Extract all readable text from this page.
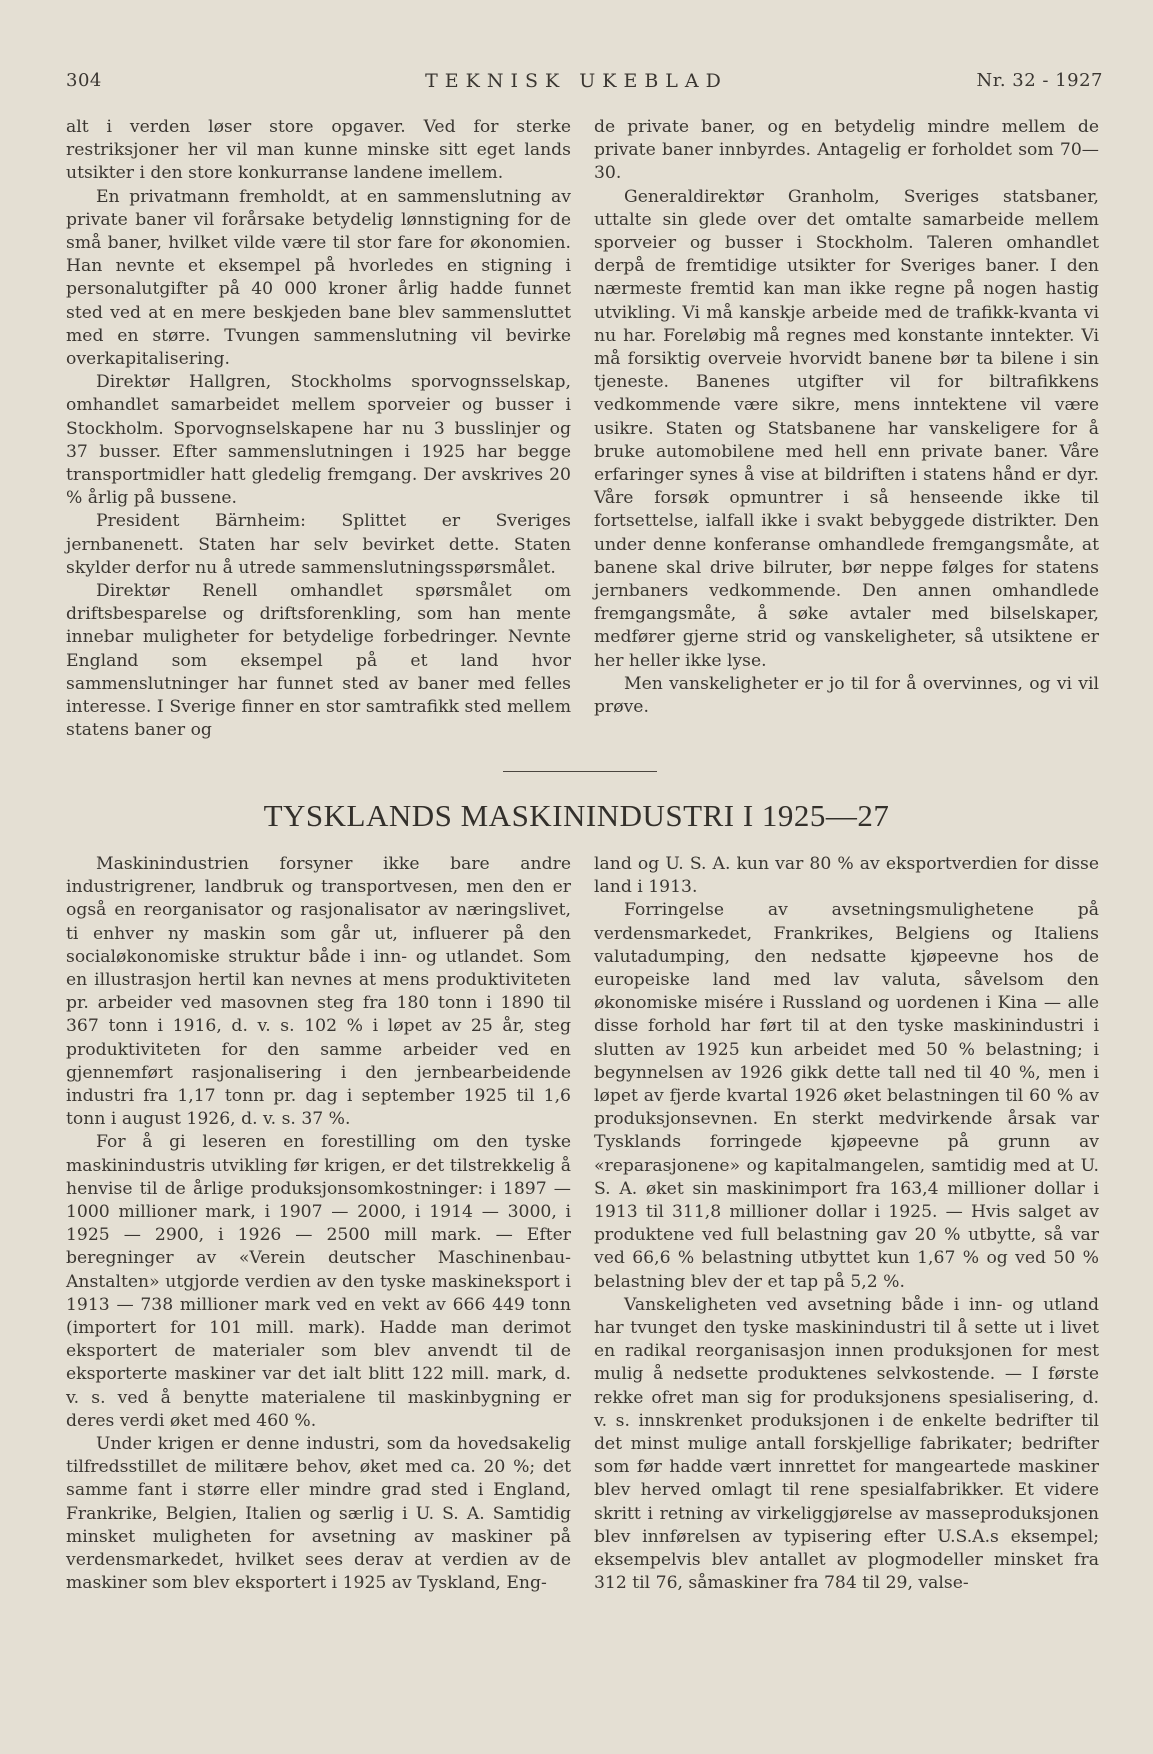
304	TEKNISK UKEBLAD	Nr. 32 - 1927

alt i verden løser store opgaver. Ved for sterke restriksjoner her vil man kunne minske sitt eget lands utsikter i den store konkurranse landene imellem.

En privatmann fremholdt, at en sammenslutning av private baner vil forårsake betydelig lønnstigning for de små baner, hvilket vilde være til stor fare for økonomien. Han nevnte et eksempel på hvorledes en stigning i personalutgifter på 40 000 kroner årlig hadde funnet sted ved at en mere beskjeden bane blev sammensluttet med en større. Tvungen sammenslutning vil bevirke overkapitalisering.

Direktør Hallgren, Stockholms sporvognsselskap, omhandlet samarbeidet mellem sporveier og busser i Stockholm. Sporvognselskapene har nu 3 busslinjer og 37 busser. Efter sammenslutningen i 1925 har begge transportmidler hatt gledelig fremgang. Der avskrives 20 % årlig på bussene.

President Bärnheim: Splittet er Sveriges jernbanenett. Staten har selv bevirket dette. Staten skylder derfor nu å utrede sammenslutningsspørsmålet.

Direktør Renell omhandlet spørsmålet om driftsbesparelse og driftsforenkling, som han mente innebar muligheter for betydelige forbedringer. Nevnte England som eksempel på et land hvor sammenslutninger har funnet sted av baner med felles interesse. I Sverige finner en stor samtrafikk sted mellem statens baner og

de private baner, og en betydelig mindre mellem de private baner innbyrdes. Antagelig er forholdet som 70—30.

Generaldirektør Granholm, Sveriges statsbaner, uttalte sin glede over det omtalte samarbeide mellem sporveier og busser i Stockholm. Taleren omhandlet derpå de fremtidige utsikter for Sveriges baner. I den nærmeste fremtid kan man ikke regne på nogen hastig utvikling. Vi må kanskje arbeide med de trafikk-kvanta vi nu har. Foreløbig må regnes med konstante inntekter. Vi må forsiktig overveie hvorvidt banene bør ta bilene i sin tjeneste. Banenes utgifter vil for biltrafikkens vedkommende være sikre, mens inntektene vil være usikre. Staten og Statsbanene har vanskeligere for å bruke automobilene med hell enn private baner. Våre erfaringer synes å vise at bildriften i statens hånd er dyr. Våre forsøk opmuntrer i så henseende ikke til fortsettelse, ialfall ikke i svakt bebyggede distrikter. Den under denne konferanse omhandlede fremgangsmåte, at banene skal drive bilruter, bør neppe følges for statens jernbaners vedkommende. Den annen omhandlede fremgangsmåte, å søke avtaler med bilselskaper, medfører gjerne strid og vanskeligheter, så utsiktene er her heller ikke lyse.

Men vanskeligheter er jo til for å overvinnes, og vi vil prøve.

TYSKLANDS MASKININDUSTRI I 1925—27

Maskinindustrien forsyner ikke bare andre industrigrener, landbruk og transportvesen, men den er også en reorganisator og rasjonalisator av næringslivet, ti enhver ny maskin som går ut, influerer på den socialøkonomiske struktur både i inn- og utlandet. Som en illustrasjon hertil kan nevnes at mens produktiviteten pr. arbeider ved masovnen steg fra 180 tonn i 1890 til 367 tonn i 1916, d. v. s. 102 % i løpet av 25 år, steg produktiviteten for den samme arbeider ved en gjennemført rasjonalisering i den jernbearbeidende industri fra 1,17 tonn pr. dag i september 1925 til 1,6 tonn i august 1926, d. v. s. 37 %.

For å gi leseren en forestilling om den tyske maskinindustris utvikling før krigen, er det tilstrekkelig å henvise til de årlige produksjonsomkostninger: i 1897 — 1000 millioner mark, i 1907 — 2000, i 1914 — 3000, i 1925 — 2900, i 1926 — 2500 mill mark. — Efter beregninger av «Verein deutscher Maschinenbau-Anstalten» utgjorde verdien av den tyske maskineksport i 1913 — 738 millioner mark ved en vekt av 666 449 tonn (importert for 101 mill. mark). Hadde man derimot eksportert de materialer som blev anvendt til de eksporterte maskiner var det ialt blitt 122 mill. mark, d. v. s. ved å benytte materialene til maskinbygning er deres verdi øket med 460 %.

Under krigen er denne industri, som da hovedsakelig tilfredsstillet de militære behov, øket med ca. 20 %; det samme fant i større eller mindre grad sted i England, Frankrike, Belgien, Italien og særlig i U. S. A. Samtidig minsket muligheten for avsetning av maskiner på verdensmarkedet, hvilket sees derav at verdien av de maskiner som blev eksportert i 1925 av Tyskland, Eng-

land og U. S. A. kun var 80 % av eksportverdien for disse land i 1913.

Forringelse av avsetningsmulighetene på verdensmarkedet, Frankrikes, Belgiens og Italiens valutadumping, den nedsatte kjøpeevne hos de europeiske land med lav valuta, såvelsom den økonomiske misére i Russland og uordenen i Kina — alle disse forhold har ført til at den tyske maskinindustri i slutten av 1925 kun arbeidet med 50 % belastning; i begynnelsen av 1926 gikk dette tall ned til 40 %, men i løpet av fjerde kvartal 1926 øket belastningen til 60 % av produksjonsevnen. En sterkt medvirkende årsak var Tysklands forringede kjøpeevne på grunn av «reparasjonene» og kapitalmangelen, samtidig med at U. S. A. øket sin maskinimport fra 163,4 millioner dollar i 1913 til 311,8 millioner dollar i 1925. — Hvis salget av produktene ved full belastning gav 20 % utbytte, så var ved 66,6 % belastning utbyttet kun 1,67 % og ved 50 % belastning blev der et tap på 5,2 %.

Vanskeligheten ved avsetning både i inn- og utland har tvunget den tyske maskinindustri til å sette ut i livet en radikal reorganisasjon innen produksjonen for mest mulig å nedsette produktenes selvkostende. — I første rekke ofret man sig for produksjonens spesialisering, d. v. s. innskrenket produksjonen i de enkelte bedrifter til det minst mulige antall forskjellige fabrikater; bedrifter som før hadde vært innrettet for mangeartede maskiner blev herved omlagt til rene spesialfabrikker. Et videre skritt i retning av virkeliggjørelse av masseproduksjonen blev innførelsen av typisering efter U.S.A.s eksempel; eksempelvis blev antallet av plogmodeller minsket fra 312 til 76, såmaskiner fra 784 til 29, valse-
